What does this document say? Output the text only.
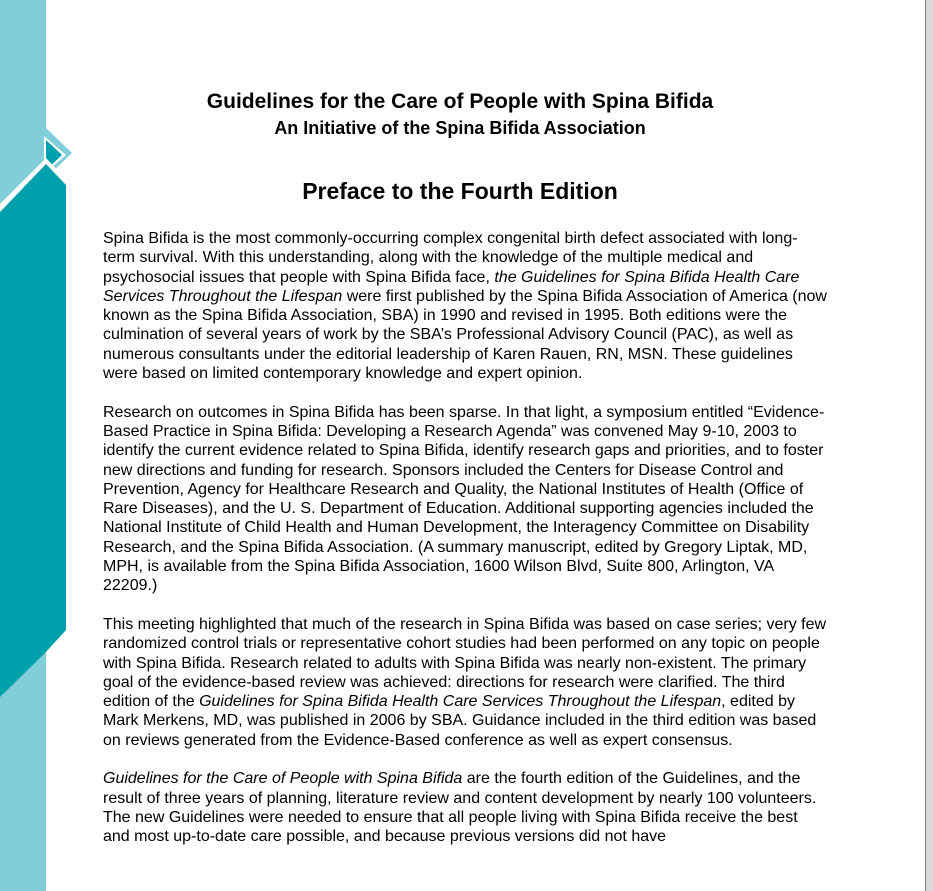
Guidelines for the Care of People with Spina Bifida
An Initiative of the Spina Bifida Association
Preface to the Fourth Edition

Spina Bifida is the most commonly-occurring complex congenital birth defect associated with long-term survival. With this understanding, along with the knowledge of the multiple medical and psychosocial issues that people with Spina Bifida face, the Guidelines for Spina Bifida Health Care Services Throughout the Lifespan were first published by the Spina Bifida Association of America (now known as the Spina Bifida Association, SBA) in 1990 and revised in 1995. Both editions were the culmination of several years of work by the SBA’s Professional Advisory Council (PAC), as well as numerous consultants under the editorial leadership of Karen Rauen, RN, MSN. These guidelines were based on limited contemporary knowledge and expert opinion.

Research on outcomes in Spina Bifida has been sparse. In that light, a symposium entitled “Evidence-Based Practice in Spina Bifida: Developing a Research Agenda” was convened May 9-10, 2003 to identify the current evidence related to Spina Bifida, identify research gaps and priorities, and to foster new directions and funding for research. Sponsors included the Centers for Disease Control and Prevention, Agency for Healthcare Research and Quality, the National Institutes of Health (Office of Rare Diseases), and the U. S. Department of Education. Additional supporting agencies included the National Institute of Child Health and Human Development, the Interagency Committee on Disability Research, and the Spina Bifida Association. (A summary manuscript, edited by Gregory Liptak, MD, MPH, is available from the Spina Bifida Association, 1600 Wilson Blvd, Suite 800, Arlington, VA 22209.)

This meeting highlighted that much of the research in Spina Bifida was based on case series; very few randomized control trials or representative cohort studies had been performed on any topic on people with Spina Bifida. Research related to adults with Spina Bifida was nearly non-existent. The primary goal of the evidence-based review was achieved: directions for research were clarified. The third edition of the Guidelines for Spina Bifida Health Care Services Throughout the Lifespan, edited by Mark Merkens, MD, was published in 2006 by SBA. Guidance included in the third edition was based on reviews generated from the Evidence-Based conference as well as expert consensus.

Guidelines for the Care of People with Spina Bifida are the fourth edition of the Guidelines, and the result of three years of planning, literature review and content development by nearly 100 volunteers. The new Guidelines were needed to ensure that all people living with Spina Bifida receive the best and most up-to-date care possible, and because previous versions did not have
